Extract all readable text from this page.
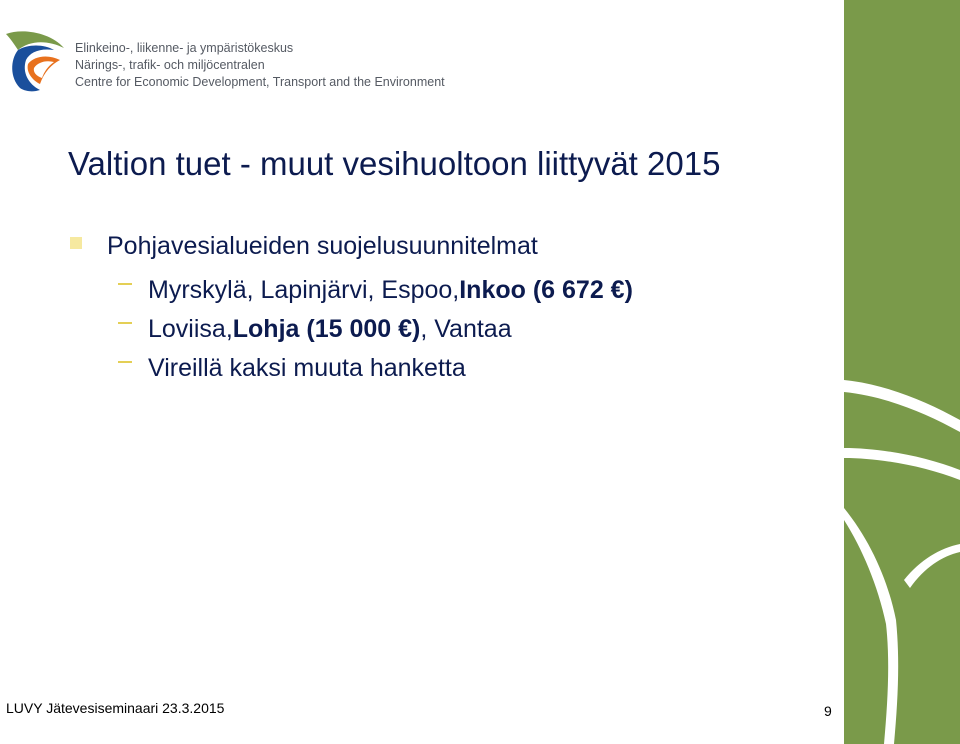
Elinkeino-, liikenne- ja ympäristökeskus
Närings-, trafik- och miljöcentralen
Centre for Economic Development, Transport and the Environment
Valtion tuet - muut vesihuoltoon liittyvät 2015
Pohjavesialueiden suojelusuunnitelmat
Myrskylä, Lapinjärvi, Espoo, Inkoo (6 672 €)
Loviisa, Lohja (15 000 €) , Vantaa
Vireillä kaksi muuta hanketta
LUVY Jätevesiseminaari 23.3.2015	9
